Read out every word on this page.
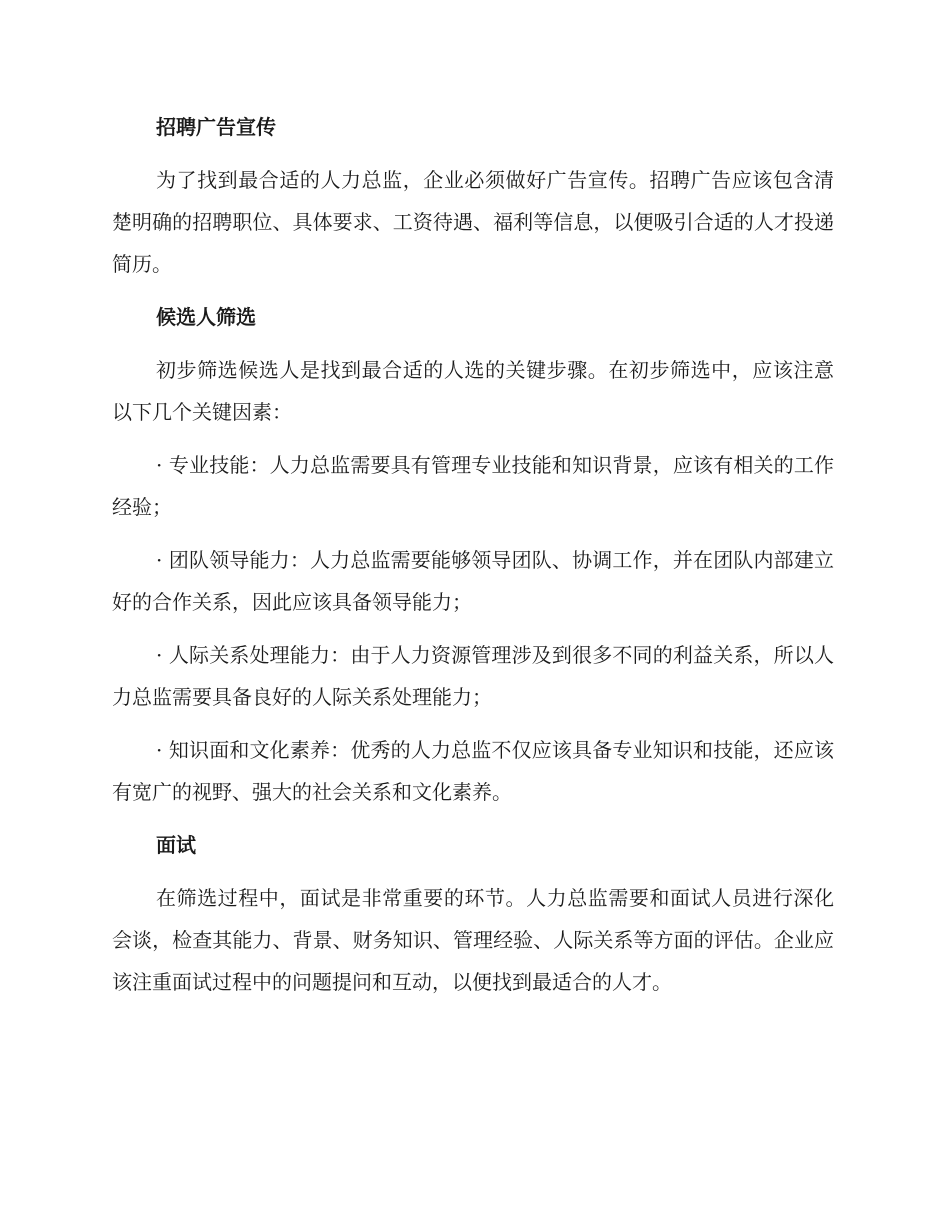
招聘广告宣传
为了找到最合适的人力总监，企业必须做好广告宣传。招聘广告应该包含清楚明确的招聘职位、具体要求、工资待遇、福利等信息，以便吸引合适的人才投递简历。
候选人筛选
初步筛选候选人是找到最合适的人选的关键步骤。在初步筛选中，应该注意以下几个关键因素：
· 专业技能：人力总监需要具有管理专业技能和知识背景，应该有相关的工作经验；
· 团队领导能力：人力总监需要能够领导团队、协调工作，并在团队内部建立好的合作关系，因此应该具备领导能力；
· 人际关系处理能力：由于人力资源管理涉及到很多不同的利益关系，所以人力总监需要具备良好的人际关系处理能力；
· 知识面和文化素养：优秀的人力总监不仅应该具备专业知识和技能，还应该有宽广的视野、强大的社会关系和文化素养。
面试
在筛选过程中，面试是非常重要的环节。人力总监需要和面试人员进行深化会谈，检查其能力、背景、财务知识、管理经验、人际关系等方面的评估。企业应该注重面试过程中的问题提问和互动，以便找到最适合的人才。
